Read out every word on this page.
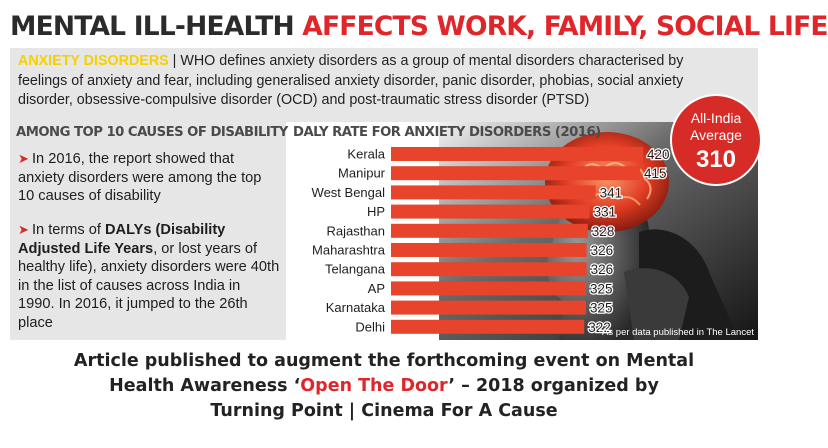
MENTAL ILL-HEALTH AFFECTS WORK, FAMILY, SOCIAL LIFE
ANXIETY DISORDERS | WHO defines anxiety disorders as a group of mental disorders characterised by feelings of anxiety and fear, including generalised anxiety disorder, panic disorder, phobias, social anxiety disorder, obsessive-compulsive disorder (OCD) and post-traumatic stress disorder (PTSD)
All-India
Average
310
AMONG TOP 10 CAUSES OF DISABILITY
➤ In 2016, the report showed that anxiety disorders were among the top 10 causes of disability
➤ In terms of DALYs (Disability Adjusted Life Years, or lost years of healthy life), anxiety disorders were 40th in the list of causes across India in 1990. In 2016, it jumped to the 26th place
DALY RATE FOR ANXIETY DISORDERS (2016)
Kerala	420
Manipur	415
West Bengal	341
HP	331
Rajasthan	328
Maharashtra	326
Telangana	326
AP	325
Karnataka	325
Delhi	322
*As per data published in The Lancet
Article published to augment the forthcoming event on Mental
Health Awareness ‘Open The Door’ – 2018 organized by
Turning Point | Cinema For A Cause
